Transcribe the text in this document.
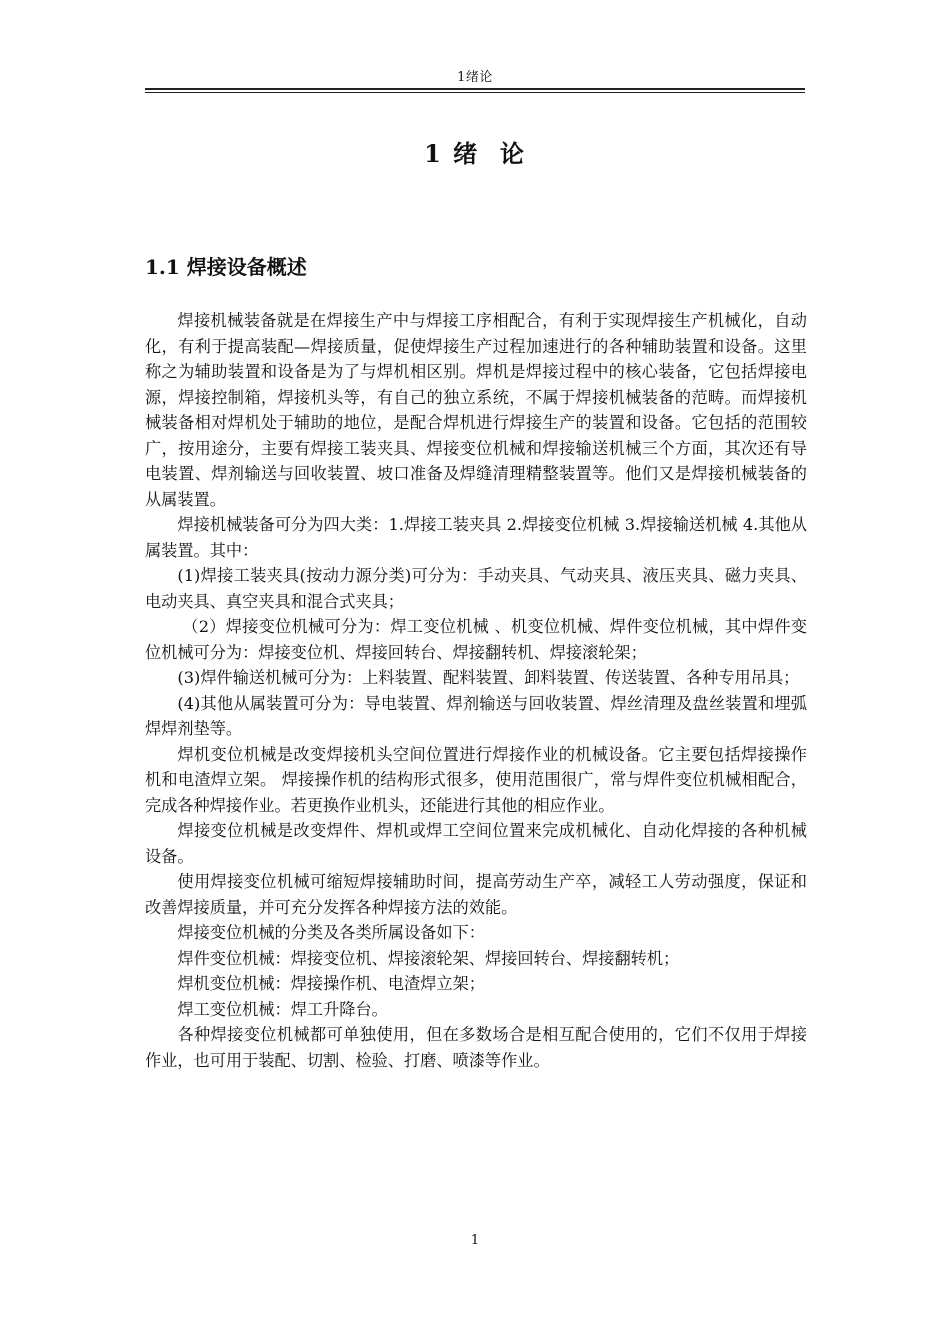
1绪论
1 绪  论
1.1 焊接设备概述

焊接机械装备就是在焊接生产中与焊接工序相配合，有利于实现焊接生产机械化，自动化，有利于提高装配—焊接质量，促使焊接生产过程加速进行的各种辅助装置和设备。这里称之为辅助装置和设备是为了与焊机相区别。焊机是焊接过程中的核心装备，它包括焊接电源，焊接控制箱，焊接机头等，有自己的独立系统，不属于焊接机械装备的范畴。而焊接机械装备相对焊机处于辅助的地位，是配合焊机进行焊接生产的装置和设备。它包括的范围较广，按用途分，主要有焊接工装夹具、焊接变位机械和焊接输送机械三个方面，其次还有导电装置、焊剂输送与回收装置、坡口准备及焊缝清理精整装置等。他们又是焊接机械装备的从属装置。

焊接机械装备可分为四大类：1.焊接工装夹具 2.焊接变位机械 3.焊接输送机械 4.其他从属装置。其中：

(1)焊接工装夹具(按动力源分类)可分为：手动夹具、气动夹具、液压夹具、磁力夹具、电动夹具、真空夹具和混合式夹具；

（2）焊接变位机械可分为：焊工变位机械 、机变位机械、焊件变位机械，其中焊件变位机械可分为：焊接变位机、焊接回转台、焊接翻转机、焊接滚轮架；

(3)焊件输送机械可分为：上料装置、配料装置、卸料装置、传送装置、各种专用吊具；

(4)其他从属装置可分为：导电装置、焊剂输送与回收装置、焊丝清理及盘丝装置和埋弧焊焊剂垫等。

焊机变位机械是改变焊接机头空间位置进行焊接作业的机械设备。它主要包括焊接操作机和电渣焊立架。 焊接操作机的结构形式很多，使用范围很广，常与焊件变位机械相配合，完成各种焊接作业。若更换作业机头，还能进行其他的相应作业。

焊接变位机械是改变焊件、焊机或焊工空间位置来完成机械化、自动化焊接的各种机械设备。

使用焊接变位机械可缩短焊接辅助时间，提高劳动生产卒，减轻工人劳动强度，保证和改善焊接质量，并可充分发挥各种焊接方法的效能。

焊接变位机械的分类及各类所属设备如下：

焊件变位机械：焊接变位机、焊接滚轮架、焊接回转台、焊接翻转机；

焊机变位机械：焊接操作机、电渣焊立架；

焊工变位机械：焊工升降台。

各种焊接变位机械都可单独使用，但在多数场合是相互配合使用的，它们不仅用于焊接作业，也可用于装配、切割、检验、打磨、喷漆等作业。

1
